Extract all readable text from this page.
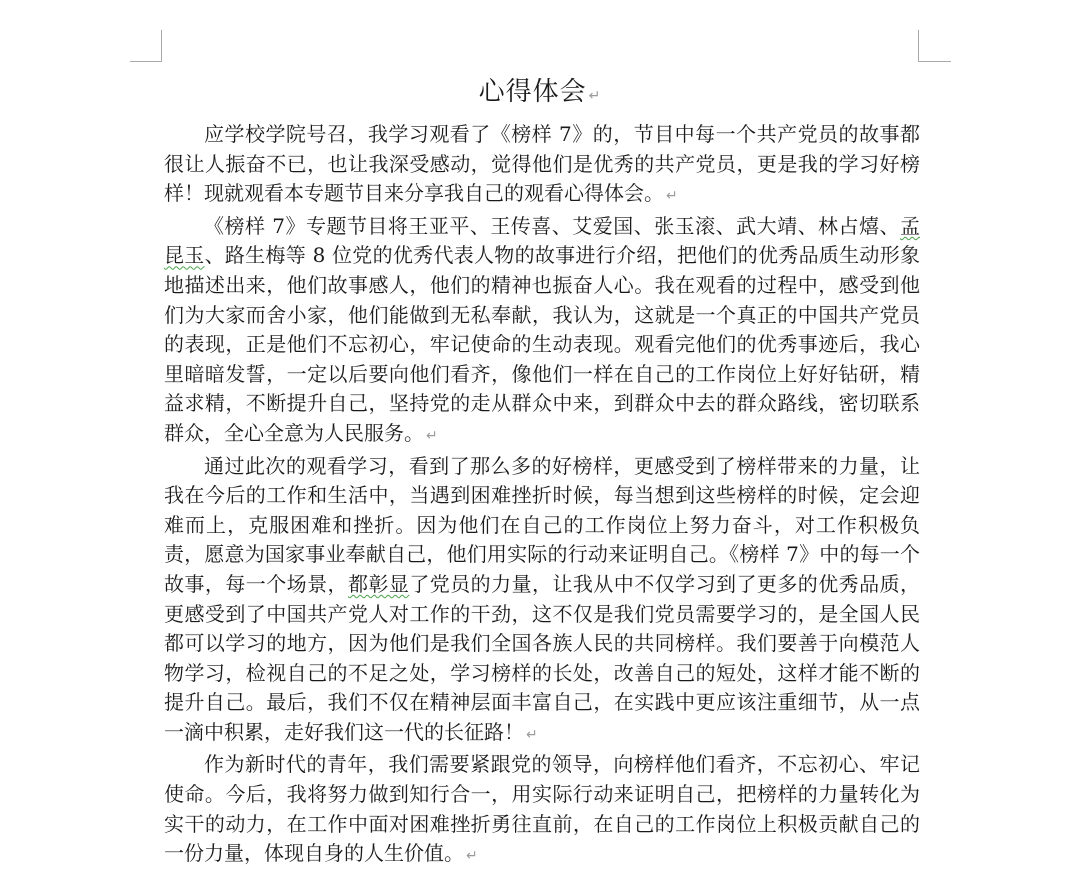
心得体会 ↵

应学校学院号召，我学习观看了《榜样 7》的，节目中每一个共产党员的故事都很让人振奋不已，也让我深受感动，觉得他们是优秀的共产党员，更是我的学习好榜样！现就观看本专题节目来分享我自己的观看心得体会。 ↵

《榜样 7》专题节目将王亚平、王传喜、艾爱国、张玉滚、武大靖、林占熺、孟昆玉、路生梅等 8 位党的优秀代表人物的故事进行介绍，把他们的优秀品质生动形象地描述出来，他们故事感人，他们的精神也振奋人心。我在观看的过程中，感受到他们为大家而舍小家，他们能做到无私奉献，我认为，这就是一个真正的中国共产党员的表现，正是他们不忘初心，牢记使命的生动表现。观看完他们的优秀事迹后，我心里暗暗发誓，一定以后要向他们看齐，像他们一样在自己的工作岗位上好好钻研，精益求精，不断提升自己，坚持党的走从群众中来，到群众中去的群众路线，密切联系群众，全心全意为人民服务。 ↵

通过此次的观看学习，看到了那么多的好榜样，更感受到了榜样带来的力量，让我在今后的工作和生活中，当遇到困难挫折时候，每当想到这些榜样的时候，定会迎难而上，克服困难和挫折。因为他们在自己的工作岗位上努力奋斗，对工作积极负责，愿意为国家事业奉献自己，他们用实际的行动来证明自己。《榜样 7》中的每一个故事，每一个场景，都彰显了党员的力量，让我从中不仅学习到了更多的优秀品质，更感受到了中国共产党人对工作的干劲，这不仅是我们党员需要学习的，是全国人民都可以学习的地方，因为他们是我们全国各族人民的共同榜样。我们要善于向模范人物学习，检视自己的不足之处，学习榜样的长处，改善自己的短处，这样才能不断的提升自己。最后，我们不仅在精神层面丰富自己，在实践中更应该注重细节，从一点一滴中积累，走好我们这一代的长征路！ ↵

作为新时代的青年，我们需要紧跟党的领导，向榜样他们看齐，不忘初心、牢记使命。今后，我将努力做到知行合一，用实际行动来证明自己，把榜样的力量转化为实干的动力，在工作中面对困难挫折勇往直前，在自己的工作岗位上积极贡献自己的一份力量，体现自身的人生价值。 ↵
